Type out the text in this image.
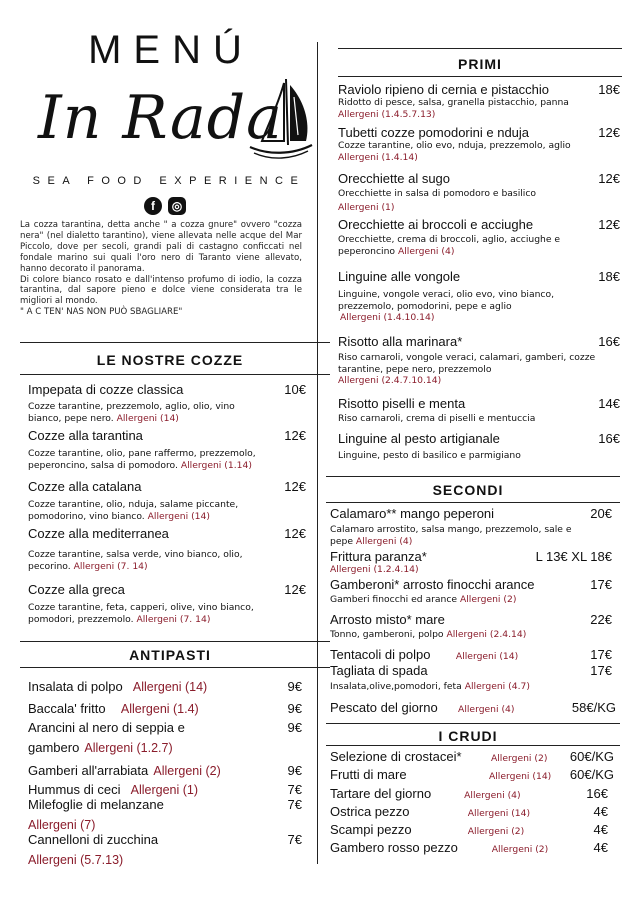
MENÚ
In Rada
SEA FOOD EXPERIENCE
f	◎

La cozza tarantina, detta anche " a cozza gnure" ovvero "cozza nera" (nel dialetto tarantino), viene allevata nelle acque del Mar Piccolo, dove per secoli, grandi pali di castagno conficcati nel fondale marino sui quali l'oro nero di Taranto viene allevato, hanno decorato il panorama.

Di colore bianco rosato e dall'intenso profumo di iodio, la cozza tarantina, dal sapore pieno e dolce viene considerata tra le migliori al mondo.

" A C TEN' NAS NON PUÒ SBAGLIARE"

LE NOSTRE COZZE
Impepata di cozze classica	10€
Cozze tarantine, prezzemolo, aglio, olio, vino bianco, pepe nero. Allergeni (14)
Cozze alla tarantina	12€
Cozze tarantine, olio, pane raffermo, prezzemolo, peperoncino, salsa di pomodoro. Allergeni (1.14)
Cozze alla catalana	12€
Cozze tarantine, olio, nduja, salame piccante, pomodorino, vino bianco. Allergeni (14)
Cozze alla mediterranea	12€
Cozze tarantine, salsa verde, vino bianco, olio, pecorino. Allergeni (7. 14)
Cozze alla greca	12€
Cozze tarantine, feta, capperi, olive, vino bianco, pomodori, prezzemolo. Allergeni (7. 14)
ANTIPASTI
Insalata di polpo Allergeni (14)	9€
Baccala' fritto Allergeni (1.4)	9€
Arancini al nero di seppia e	9€
gambero Allergeni (1.2.7)
Gamberi all'arrabiata Allergeni (2)	9€
Hummus di ceci Allergeni (1)	7€
Milefoglie di melanzane	7€
Allergeni (7)
Cannelloni di zucchina	7€
Allergeni (5.7.13)
PRIMI
Raviolo ripieno di cernia e pistacchio	18€
Ridotto di pesce, salsa, granella pistacchio, panna
Allergeni (1.4.5.7.13)
Tubetti cozze pomodorini e nduja	12€
Cozze tarantine, olio evo, nduja, prezzemolo, aglio
Allergeni (1.4.14)
Orecchiette al sugo	12€
Orecchiette in salsa di pomodoro e basilico
Allergeni (1)
Orecchiette ai broccoli e acciughe	12€
Orecchiette, crema di broccoli, aglio, acciughe e peperoncino Allergeni (4)
Linguine alle vongole	18€
Linguine, vongole veraci, olio evo, vino bianco, prezzemolo, pomodorini, pepe e aglio
Allergeni (1.4.10.14)
Risotto alla marinara*	16€
Riso carnaroli, vongole veraci, calamari, gamberi, cozze tarantine, pepe nero, prezzemolo
Allergeni (2.4.7.10.14)
Risotto piselli e menta	14€
Riso carnaroli, crema di piselli e mentuccia
Linguine al pesto artigianale	16€
Linguine, pesto di basilico e parmigiano
SECONDI
Calamaro** mango peperoni	20€
Calamaro arrostito, salsa mango, prezzemolo, sale e pepe Allergeni (4)
Frittura paranza*	L 13€ XL 18€
Allergeni (1.2.4.14)
Gamberoni* arrosto finocchi arance	17€
Gamberi finocchi ed arance Allergeni (2)
Arrosto misto* mare	22€
Tonno, gamberoni, polpo Allergeni (2.4.14)
Tentacoli di polpo	Allergeni (14)	17€
Tagliata di spada	17€
Insalata,olive,pomodori, feta Allergeni (4.7)
Pescato del giorno Allergeni (4)	58€/KG
I CRUDI
Selezione di crostacei*	Allergeni (2)	60€/KG
Frutti di mare	Allergeni (14)	60€/KG
Tartare del giorno	Allergeni (4)	16€
Ostrica pezzo	Allergeni (14)	4€
Scampi pezzo	Allergeni (2)	4€
Gambero rosso pezzo	Allergeni (2)	4€
